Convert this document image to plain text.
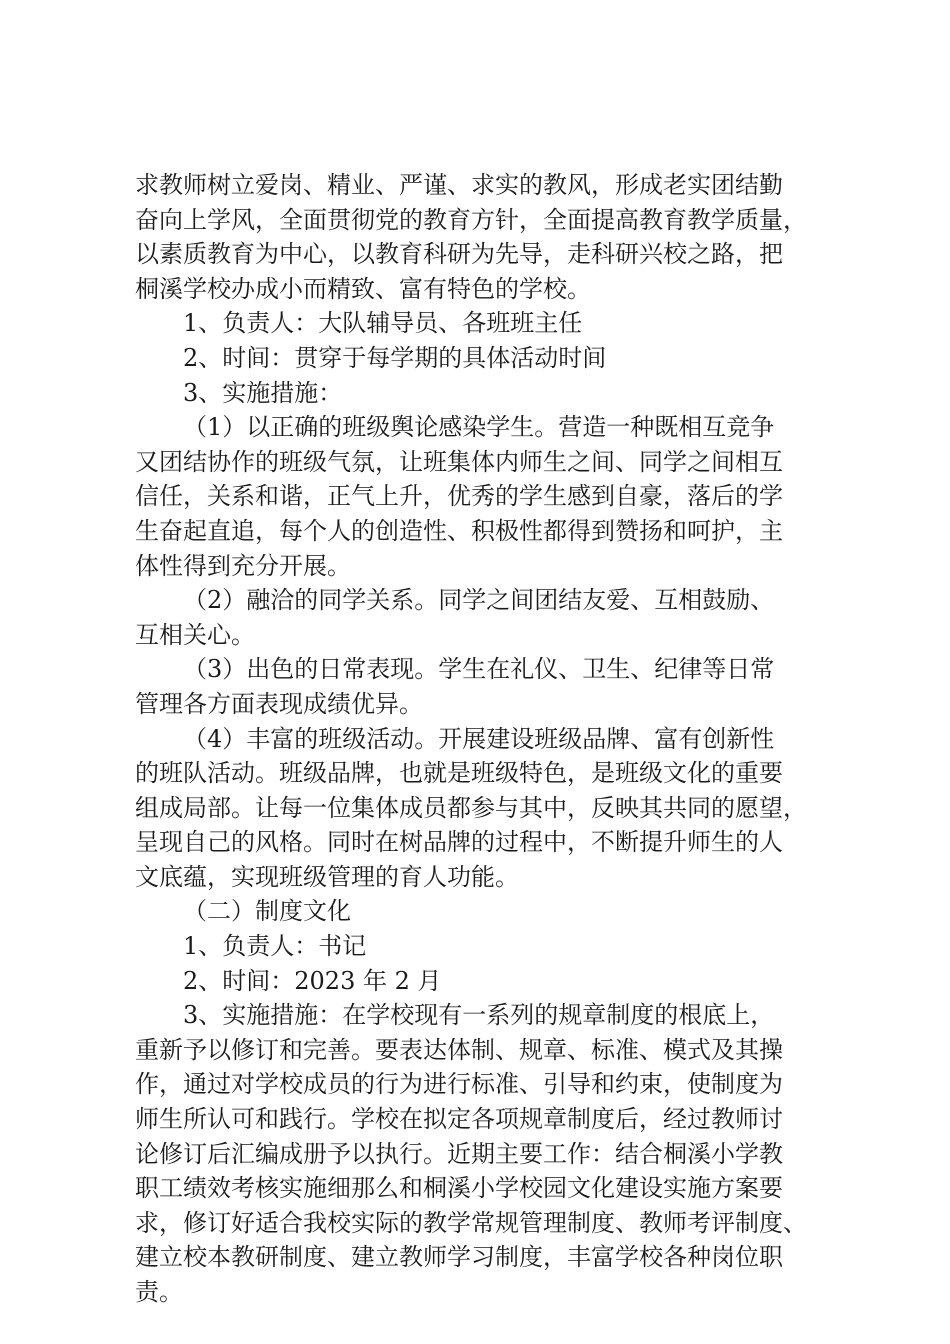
求教师树立爱岗、精业、严谨、求实的教风，形成老实团结勤
奋向上学风，全面贯彻党的教育方针，全面提高教育教学质量，
以素质教育为中心，以教育科研为先导，走科研兴校之路，把
桐溪学校办成小而精致、富有特色的学校。
1、负责人：大队辅导员、各班班主任
2、时间：贯穿于每学期的具体活动时间
3、实施措施：
（1）以正确的班级舆论感染学生。营造一种既相互竞争
又团结协作的班级气氛，让班集体内师生之间、同学之间相互
信任，关系和谐，正气上升，优秀的学生感到自豪，落后的学
生奋起直追，每个人的创造性、积极性都得到赞扬和呵护，主
体性得到充分开展。
（2）融洽的同学关系。同学之间团结友爱、互相鼓励、
互相关心。
（3）出色的日常表现。学生在礼仪、卫生、纪律等日常
管理各方面表现成绩优异。
（4）丰富的班级活动。开展建设班级品牌、富有创新性
的班队活动。班级品牌，也就是班级特色，是班级文化的重要
组成局部。让每一位集体成员都参与其中，反映其共同的愿望，
呈现自己的风格。同时在树品牌的过程中，不断提升师生的人
文底蕴，实现班级管理的育人功能。
（二）制度文化
1、负责人：书记
2、时间：2023 年 2 月
3、实施措施：在学校现有一系列的规章制度的根底上，
重新予以修订和完善。要表达体制、规章、标准、模式及其操
作，通过对学校成员的行为进行标准、引导和约束，使制度为
师生所认可和践行。学校在拟定各项规章制度后，经过教师讨
论修订后汇编成册予以执行。近期主要工作：结合桐溪小学教
职工绩效考核实施细那么和桐溪小学校园文化建设实施方案要
求，修订好适合我校实际的教学常规管理制度、教师考评制度、
建立校本教研制度、建立教师学习制度，丰富学校各种岗位职
责。
